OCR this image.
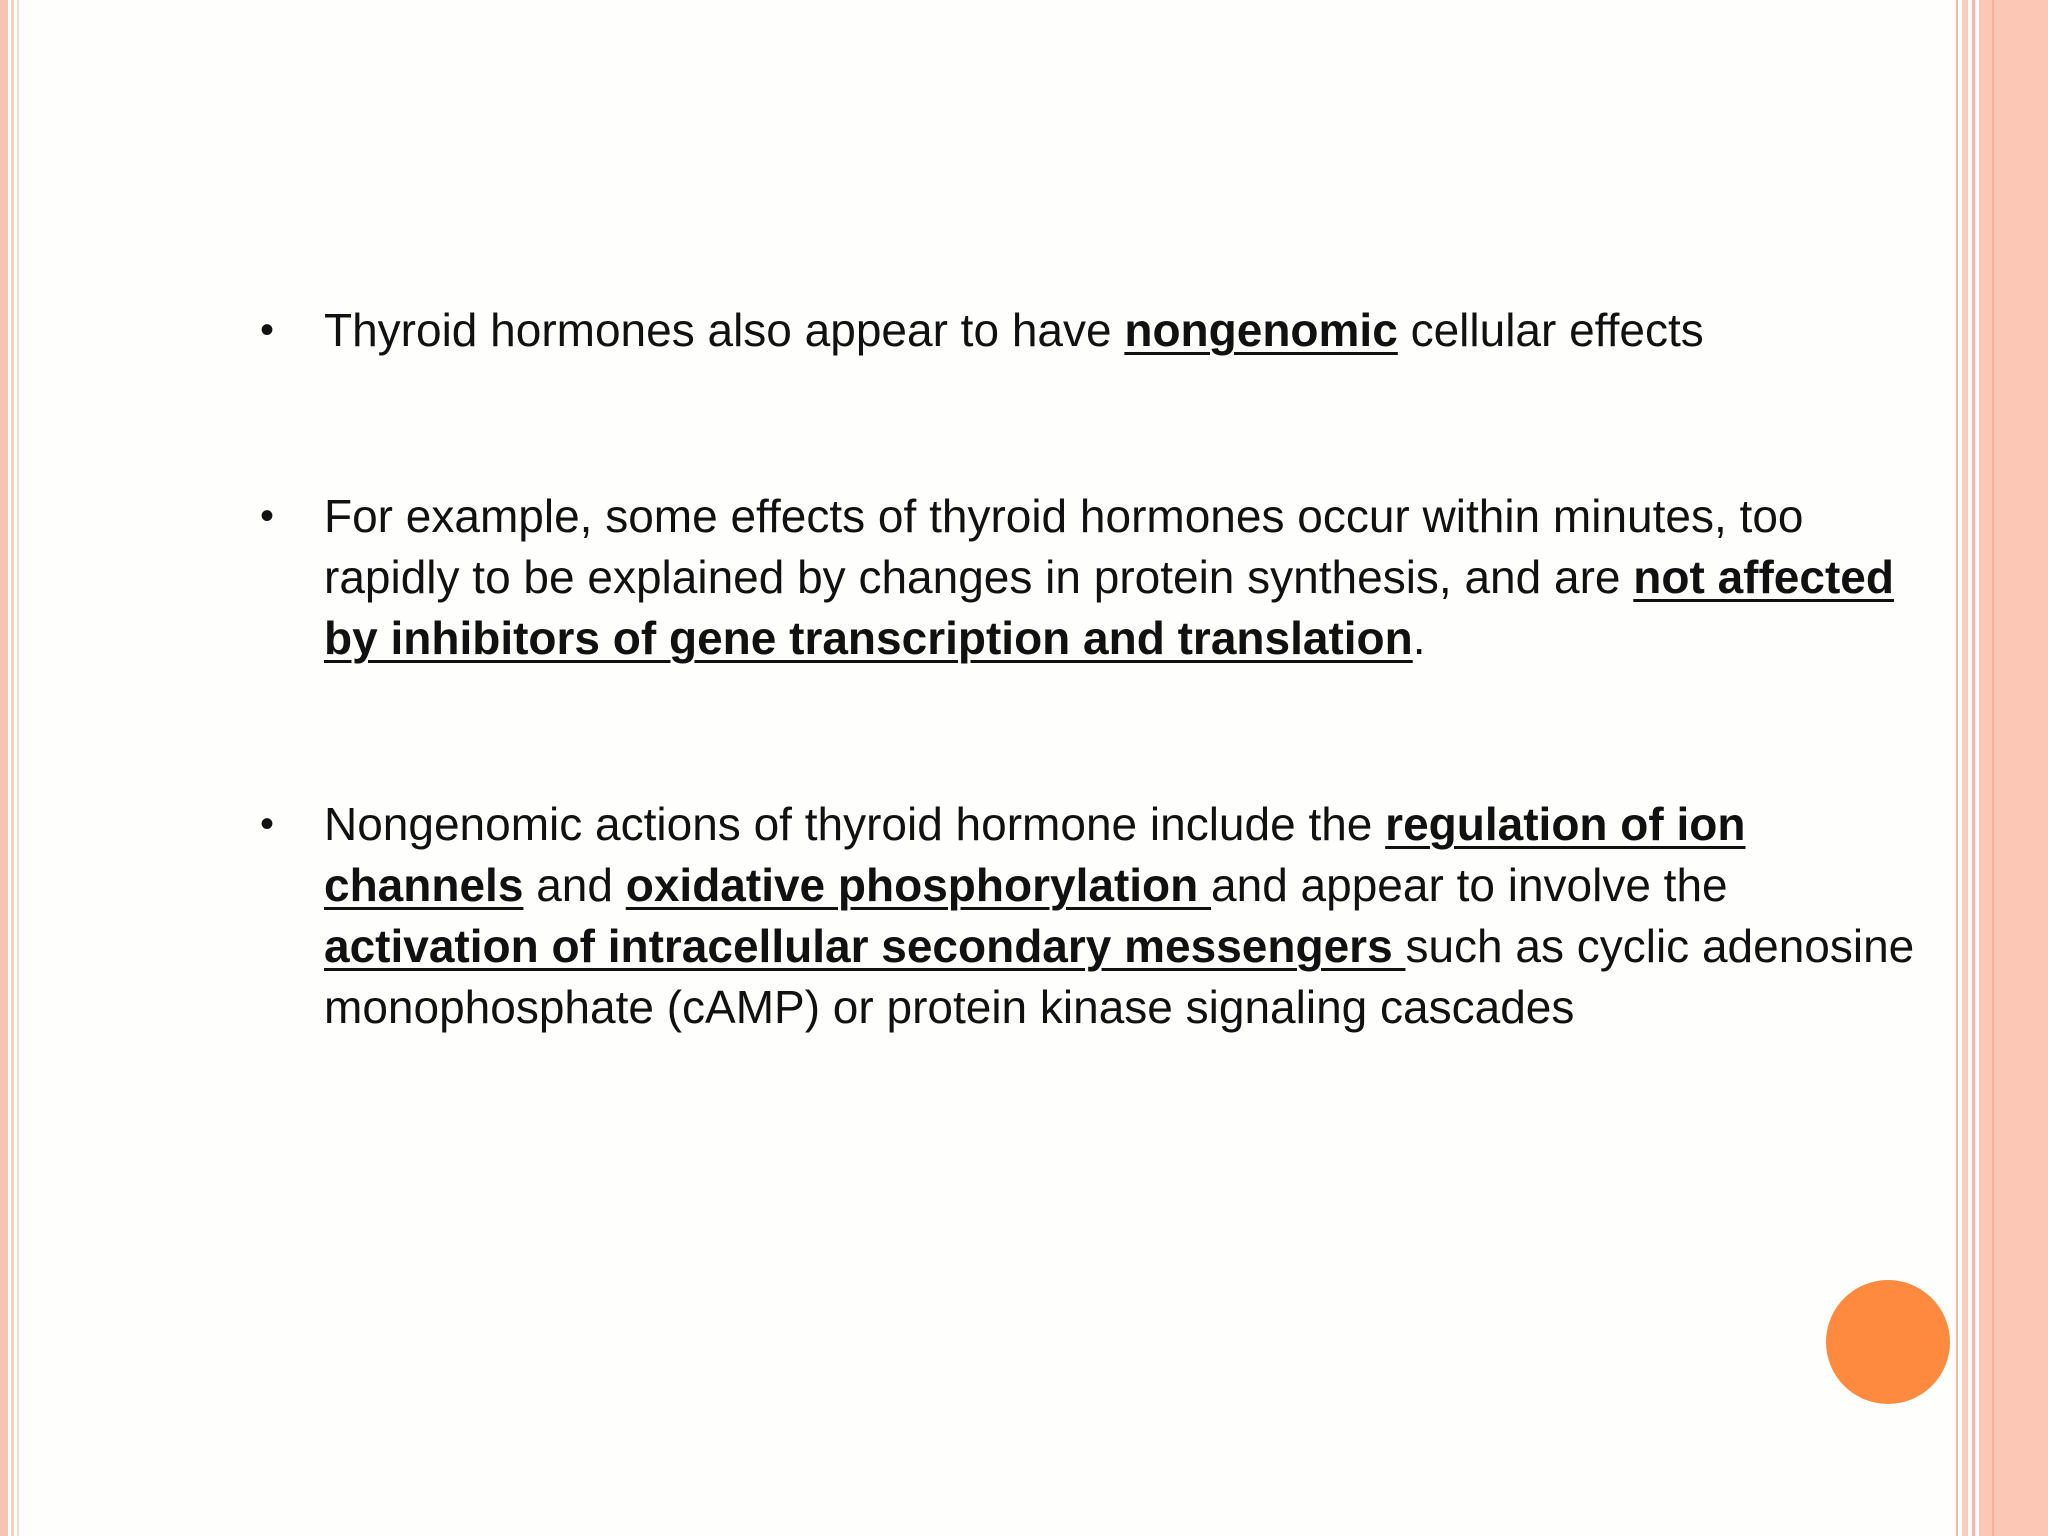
• Thyroid hormones also appear to have nongenomic cellular effects
• For example, some effects of thyroid hormones occur within minutes, too rapidly to be explained by changes in protein synthesis, and are not affected by inhibitors of gene transcription and translation.
• Nongenomic actions of thyroid hormone include the regulation of ion channels and oxidative phosphorylation and appear to involve the activation of intracellular secondary messengers such as cyclic adenosine monophosphate (cAMP) or protein kinase signaling cascades
